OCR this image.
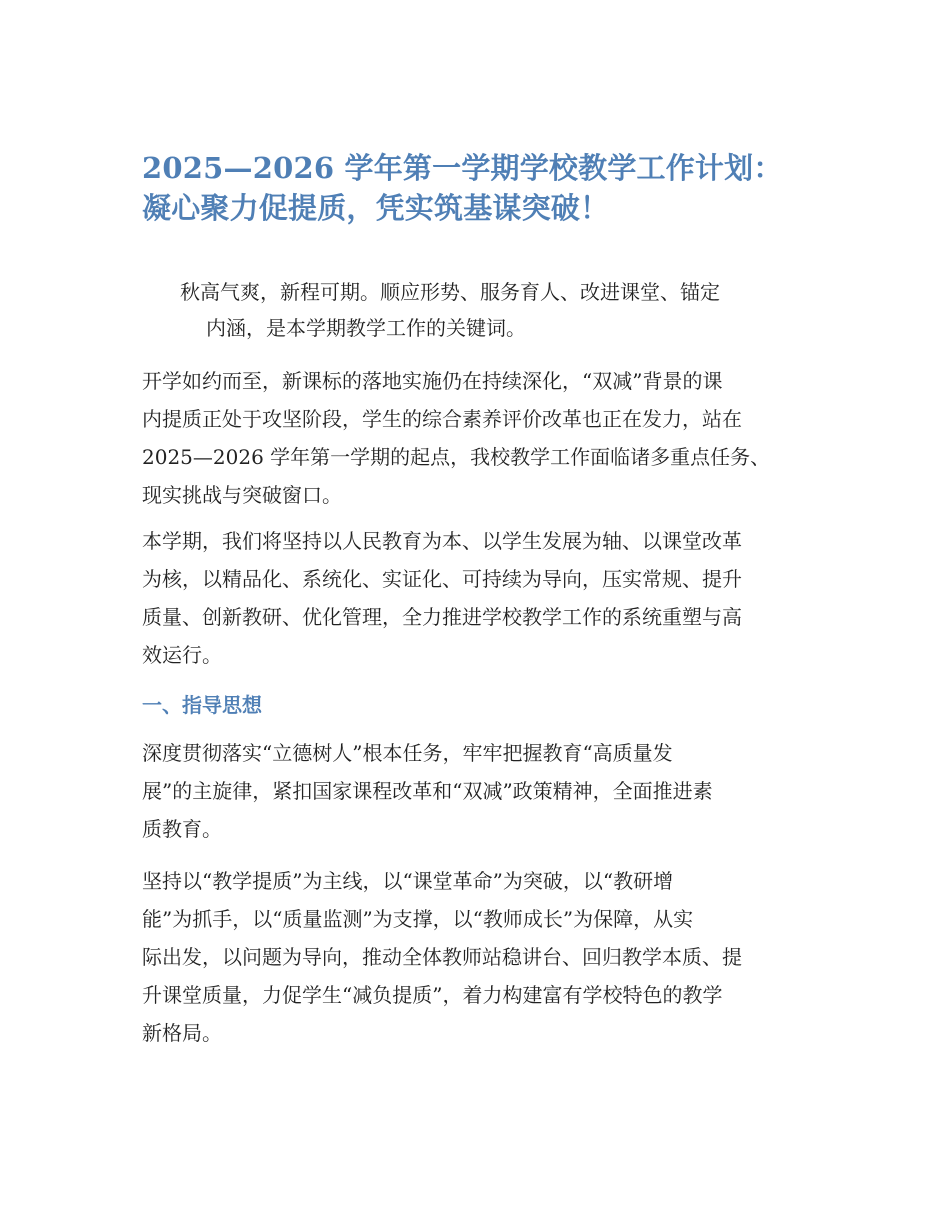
2025—2026 学年第一学期学校教学工作计划：
凝心聚力促提质，凭实筑基谋突破！

秋高气爽，新程可期。顺应形势、服务育人、改进课堂、锚定
内涵，是本学期教学工作的关键词。

开学如约而至，新课标的落地实施仍在持续深化，“双减”背景的课
内提质正处于攻坚阶段，学生的综合素养评价改革也正在发力，站在
2025—2026 学年第一学期的起点，我校教学工作面临诸多重点任务、
现实挑战与突破窗口。

本学期，我们将坚持以人民教育为本、以学生发展为轴、以课堂改革
为核，以精品化、系统化、实证化、可持续为导向，压实常规、提升
质量、创新教研、优化管理，全力推进学校教学工作的系统重塑与高
效运行。

一、指导思想

深度贯彻落实“立德树人”根本任务，牢牢把握教育“高质量发
展”的主旋律，紧扣国家课程改革和“双减”政策精神，全面推进素
质教育。

坚持以“教学提质”为主线，以“课堂革命”为突破，以“教研增
能”为抓手，以“质量监测”为支撑，以“教师成长”为保障，从实
际出发，以问题为导向，推动全体教师站稳讲台、回归教学本质、提
升课堂质量，力促学生“减负提质”，着力构建富有学校特色的教学
新格局。
